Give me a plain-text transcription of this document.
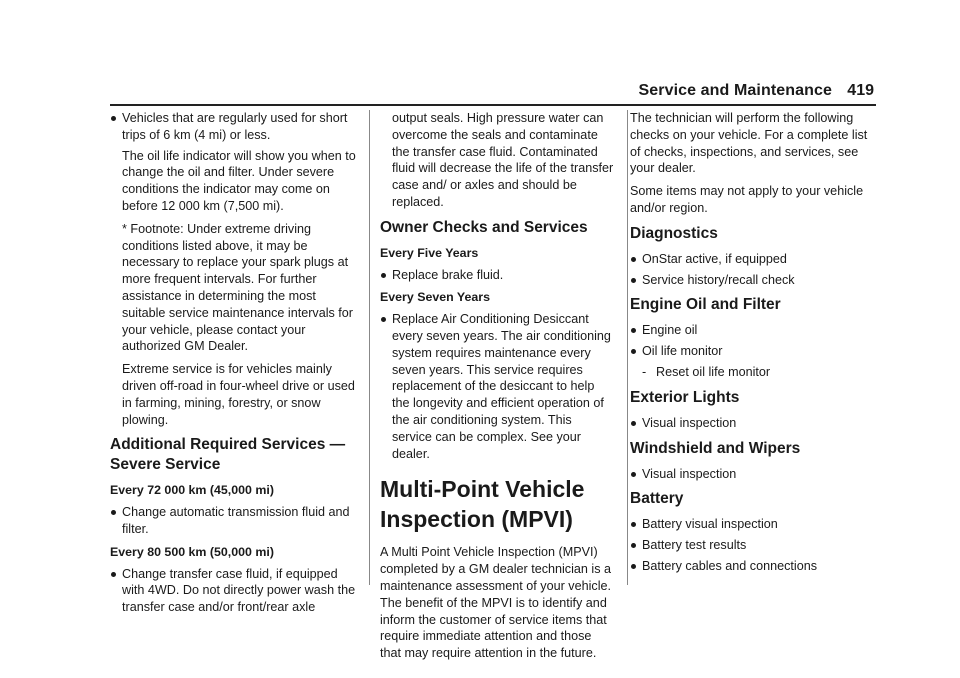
Service and Maintenance 419
Vehicles that are regularly used for short trips of 6 km (4 mi) or less.

The oil life indicator will show you when to change the oil and filter. Under severe conditions the indicator may come on before 12 000 km (7,500 mi).

* Footnote: Under extreme driving conditions listed above, it may be necessary to replace your spark plugs at more frequent intervals. For further assistance in determining the most suitable service maintenance intervals for your vehicle, please contact your authorized GM Dealer.

Extreme service is for vehicles mainly driven off-road in four-wheel drive or used in farming, mining, forestry, or snow plowing.

Additional Required Services — Severe Service
Every 72 000 km (45,000 mi)
Change automatic transmission fluid and filter.
Every 80 500 km (50,000 mi)
Change transfer case fluid, if equipped with 4WD. Do not directly power wash the transfer case and/or front/rear axle

output seals. High pressure water can overcome the seals and contaminate the transfer case fluid. Contaminated fluid will decrease the life of the transfer case and/ or axles and should be replaced.

Owner Checks and Services
Every Five Years
Replace brake fluid.
Every Seven Years
Replace Air Conditioning Desiccant every seven years. The air conditioning system requires maintenance every seven years. This service requires replacement of the desiccant to help the longevity and efficient operation of the air conditioning system. This service can be complex. See your dealer.
Multi-Point Vehicle Inspection (MPVI)

A Multi Point Vehicle Inspection (MPVI) completed by a GM dealer technician is a maintenance assessment of your vehicle. The benefit of the MPVI is to identify and inform the customer of service items that require immediate attention and those that may require attention in the future.

The technician will perform the following checks on your vehicle. For a complete list of checks, inspections, and services, see your dealer.

Some items may not apply to your vehicle and/or region.

Diagnostics
OnStar active, if equipped
Service history/recall check
Engine Oil and Filter
Engine oil
Oil life monitor
- Reset oil life monitor
Exterior Lights
Visual inspection
Windshield and Wipers
Visual inspection
Battery
Battery visual inspection
Battery test results
Battery cables and connections
